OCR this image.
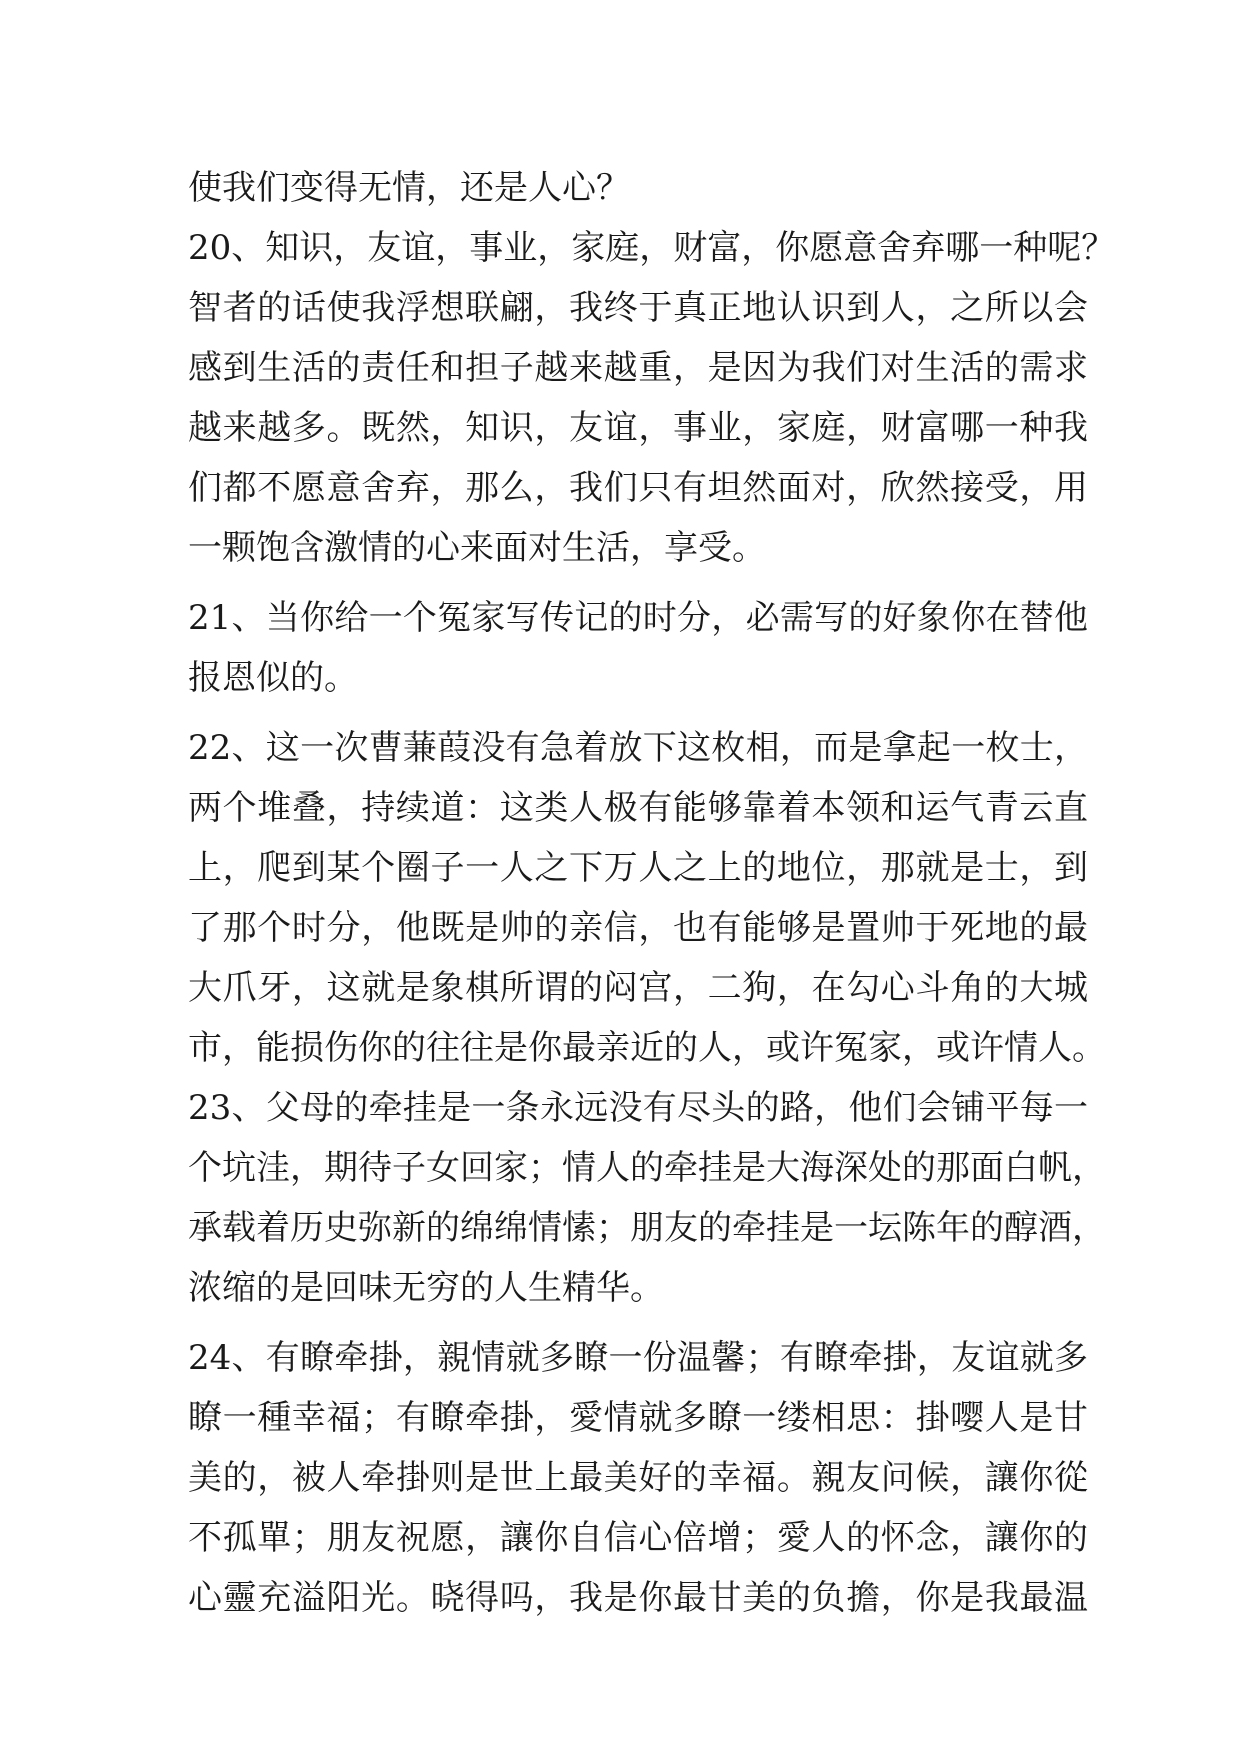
使我们变得无情，还是人心？
20、知识，友谊，事业，家庭，财富，你愿意舍弃哪一种呢？
智者的话使我浮想联翩，我终于真正地认识到人，之所以会
感到生活的责任和担子越来越重，是因为我们对生活的需求
越来越多。既然，知识，友谊，事业，家庭，财富哪一种我
们都不愿意舍弃，那么，我们只有坦然面对，欣然接受，用
一颗饱含激情的心来面对生活，享受。
21、当你给一个冤家写传记的时分，必需写的好象你在替他
报恩似的。
22、这一次曹蒹葭没有急着放下这枚相，而是拿起一枚士，
两个堆叠，持续道：这类人极有能够靠着本领和运气青云直
上，爬到某个圈子一人之下万人之上的地位，那就是士，到
了那个时分，他既是帅的亲信，也有能够是置帅于死地的最
大爪牙，这就是象棋所谓的闷宫，二狗，在勾心斗角的大城
市，能损伤你的往往是你最亲近的人，或许冤家，或许情人。
23、父母的牵挂是一条永远没有尽头的路，他们会铺平每一
个坑洼，期待子女回家；情人的牵挂是大海深处的那面白帆，
承载着历史弥新的绵绵情愫；朋友的牵挂是一坛陈年的醇酒，
浓缩的是回味无穷的人生精华。
24、有瞭牵掛，親情就多瞭一份温馨；有瞭牵掛，友谊就多
瞭一種幸福；有瞭牵掛，愛情就多瞭一缕相思：掛嘤人是甘
美的，被人牵掛则是世上最美好的幸福。親友问候，讓你從
不孤單；朋友祝愿，讓你自信心倍增；愛人的怀念，讓你的
心靈充溢阳光。晓得吗，我是你最甘美的负擔，你是我最温
